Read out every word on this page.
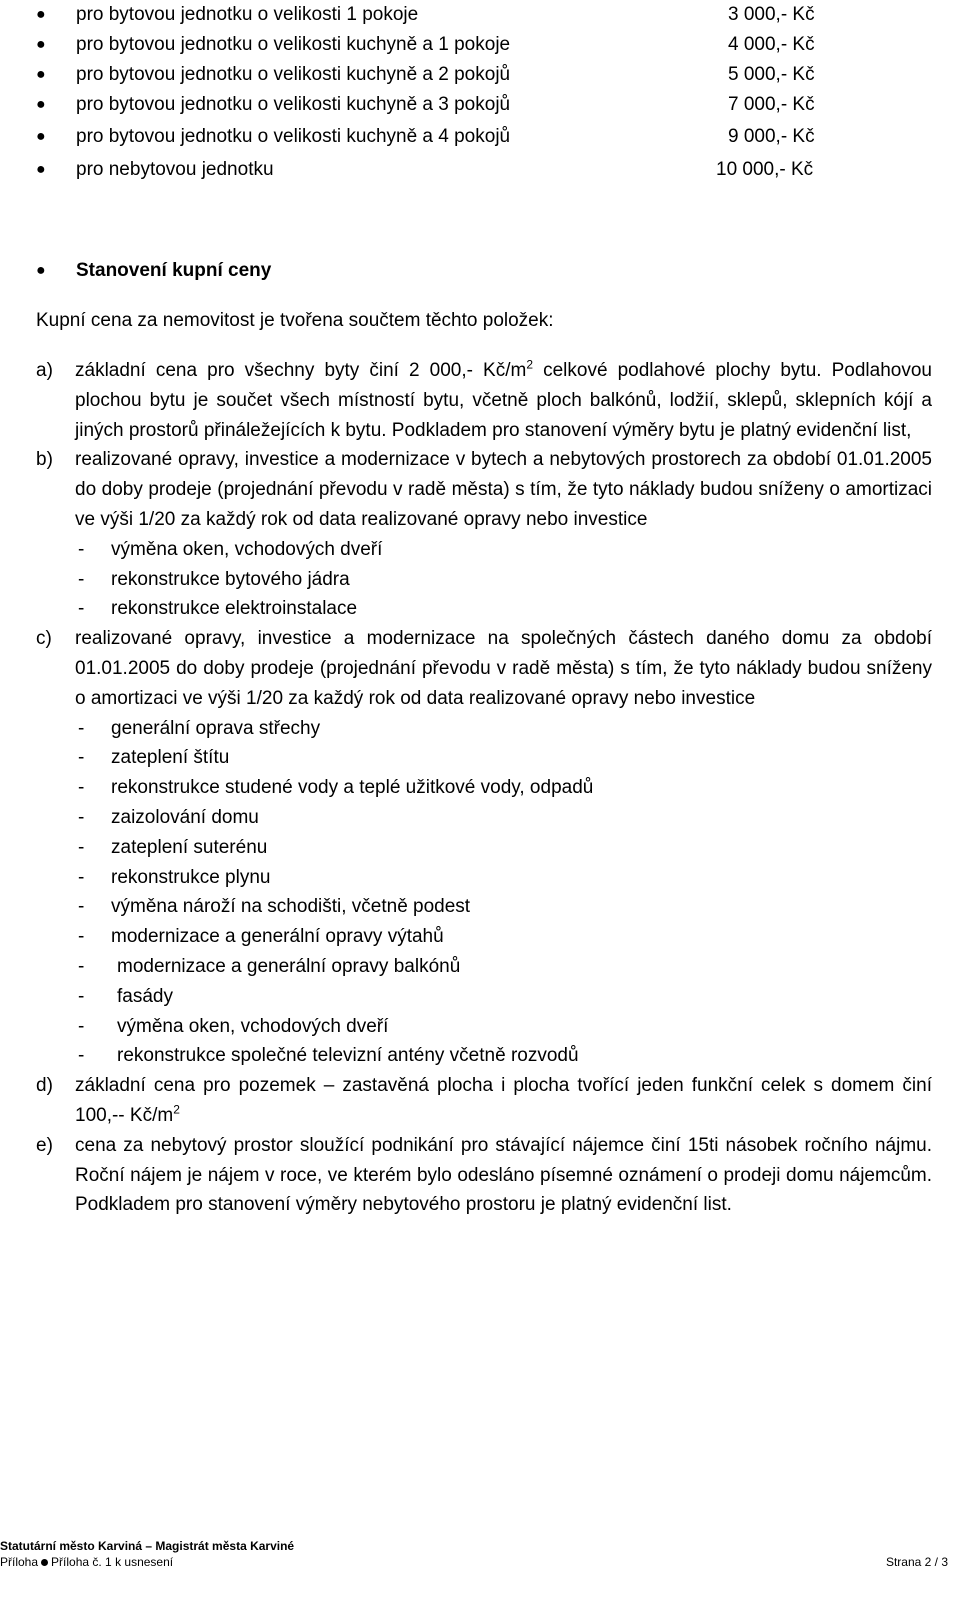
● pro bytovou jednotku o velikosti 1 pokoje	3 000,- Kč
● pro bytovou jednotku o velikosti kuchyně a 1 pokoje	4 000,- Kč
● pro bytovou jednotku o velikosti kuchyně a 2 pokojů	5 000,- Kč
● pro bytovou jednotku o velikosti kuchyně a 3 pokojů	7 000,- Kč
● pro bytovou jednotku o velikosti kuchyně a 4 pokojů	9 000,- Kč
● pro nebytovou jednotku	10 000,- Kč
● Stanovení kupní ceny
Kupní cena za nemovitost je tvořena součtem těchto položek:
a) základní cena pro všechny byty činí 2 000,- $Kč/m^2$ celkové podlahové plochy bytu. Podlahovou plochou bytu je součet všech místností bytu, včetně ploch balkónů, lodžií, sklepů, sklepních kójí a jiných prostorů přináležejících k bytu. Podkladem pro stanovení výměry bytu je platný evidenční list,
b) realizované opravy, investice a modernizace v bytech a nebytových prostorech za období 01.01.2005 do doby prodeje (projednání převodu v radě města) s tím, že tyto náklady budou sníženy o amortizaci ve výši 1/20 za každý rok od data realizované opravy nebo investice
- výměna oken, vchodových dveří
- rekonstrukce bytového jádra
- rekonstrukce elektroinstalace
c) realizované opravy, investice a modernizace na společných částech daného domu za období 01.01.2005 do doby prodeje (projednání převodu v radě města) s tím, že tyto náklady budou sníženy o amortizaci ve výši 1/20 za každý rok od data realizované opravy nebo investice
- generální oprava střechy
- zateplení štítu
- rekonstrukce studené vody a teplé užitkové vody, odpadů
- zaizolování domu
- zateplení suterénu
- rekonstrukce plynu
- výměna nároží na schodišti, včetně podest
- modernizace a generální opravy výtahů
- modernizace a generální opravy balkónů
- fasády
- výměna oken, vchodových dveří
- rekonstrukce společné televizní antény včetně rozvodů
d) základní cena pro pozemek – zastavěná plocha i plocha tvořící jeden funkční celek s domem činí 100,-- $Kč/m^2$
e) cena za nebytový prostor sloužící podnikání pro stávající nájemce činí 15ti násobek ročního nájmu. Roční nájem je nájem v roce, ve kterém bylo odesláno písemné oznámení o prodeji domu nájemcům. Podkladem pro stanovení výměry nebytového prostoru je platný evidenční list.
Statutární město Karviná – Magistrát města Karviné
Příloha Příloha č. 1 k usnesení	Strana 2 / 3
